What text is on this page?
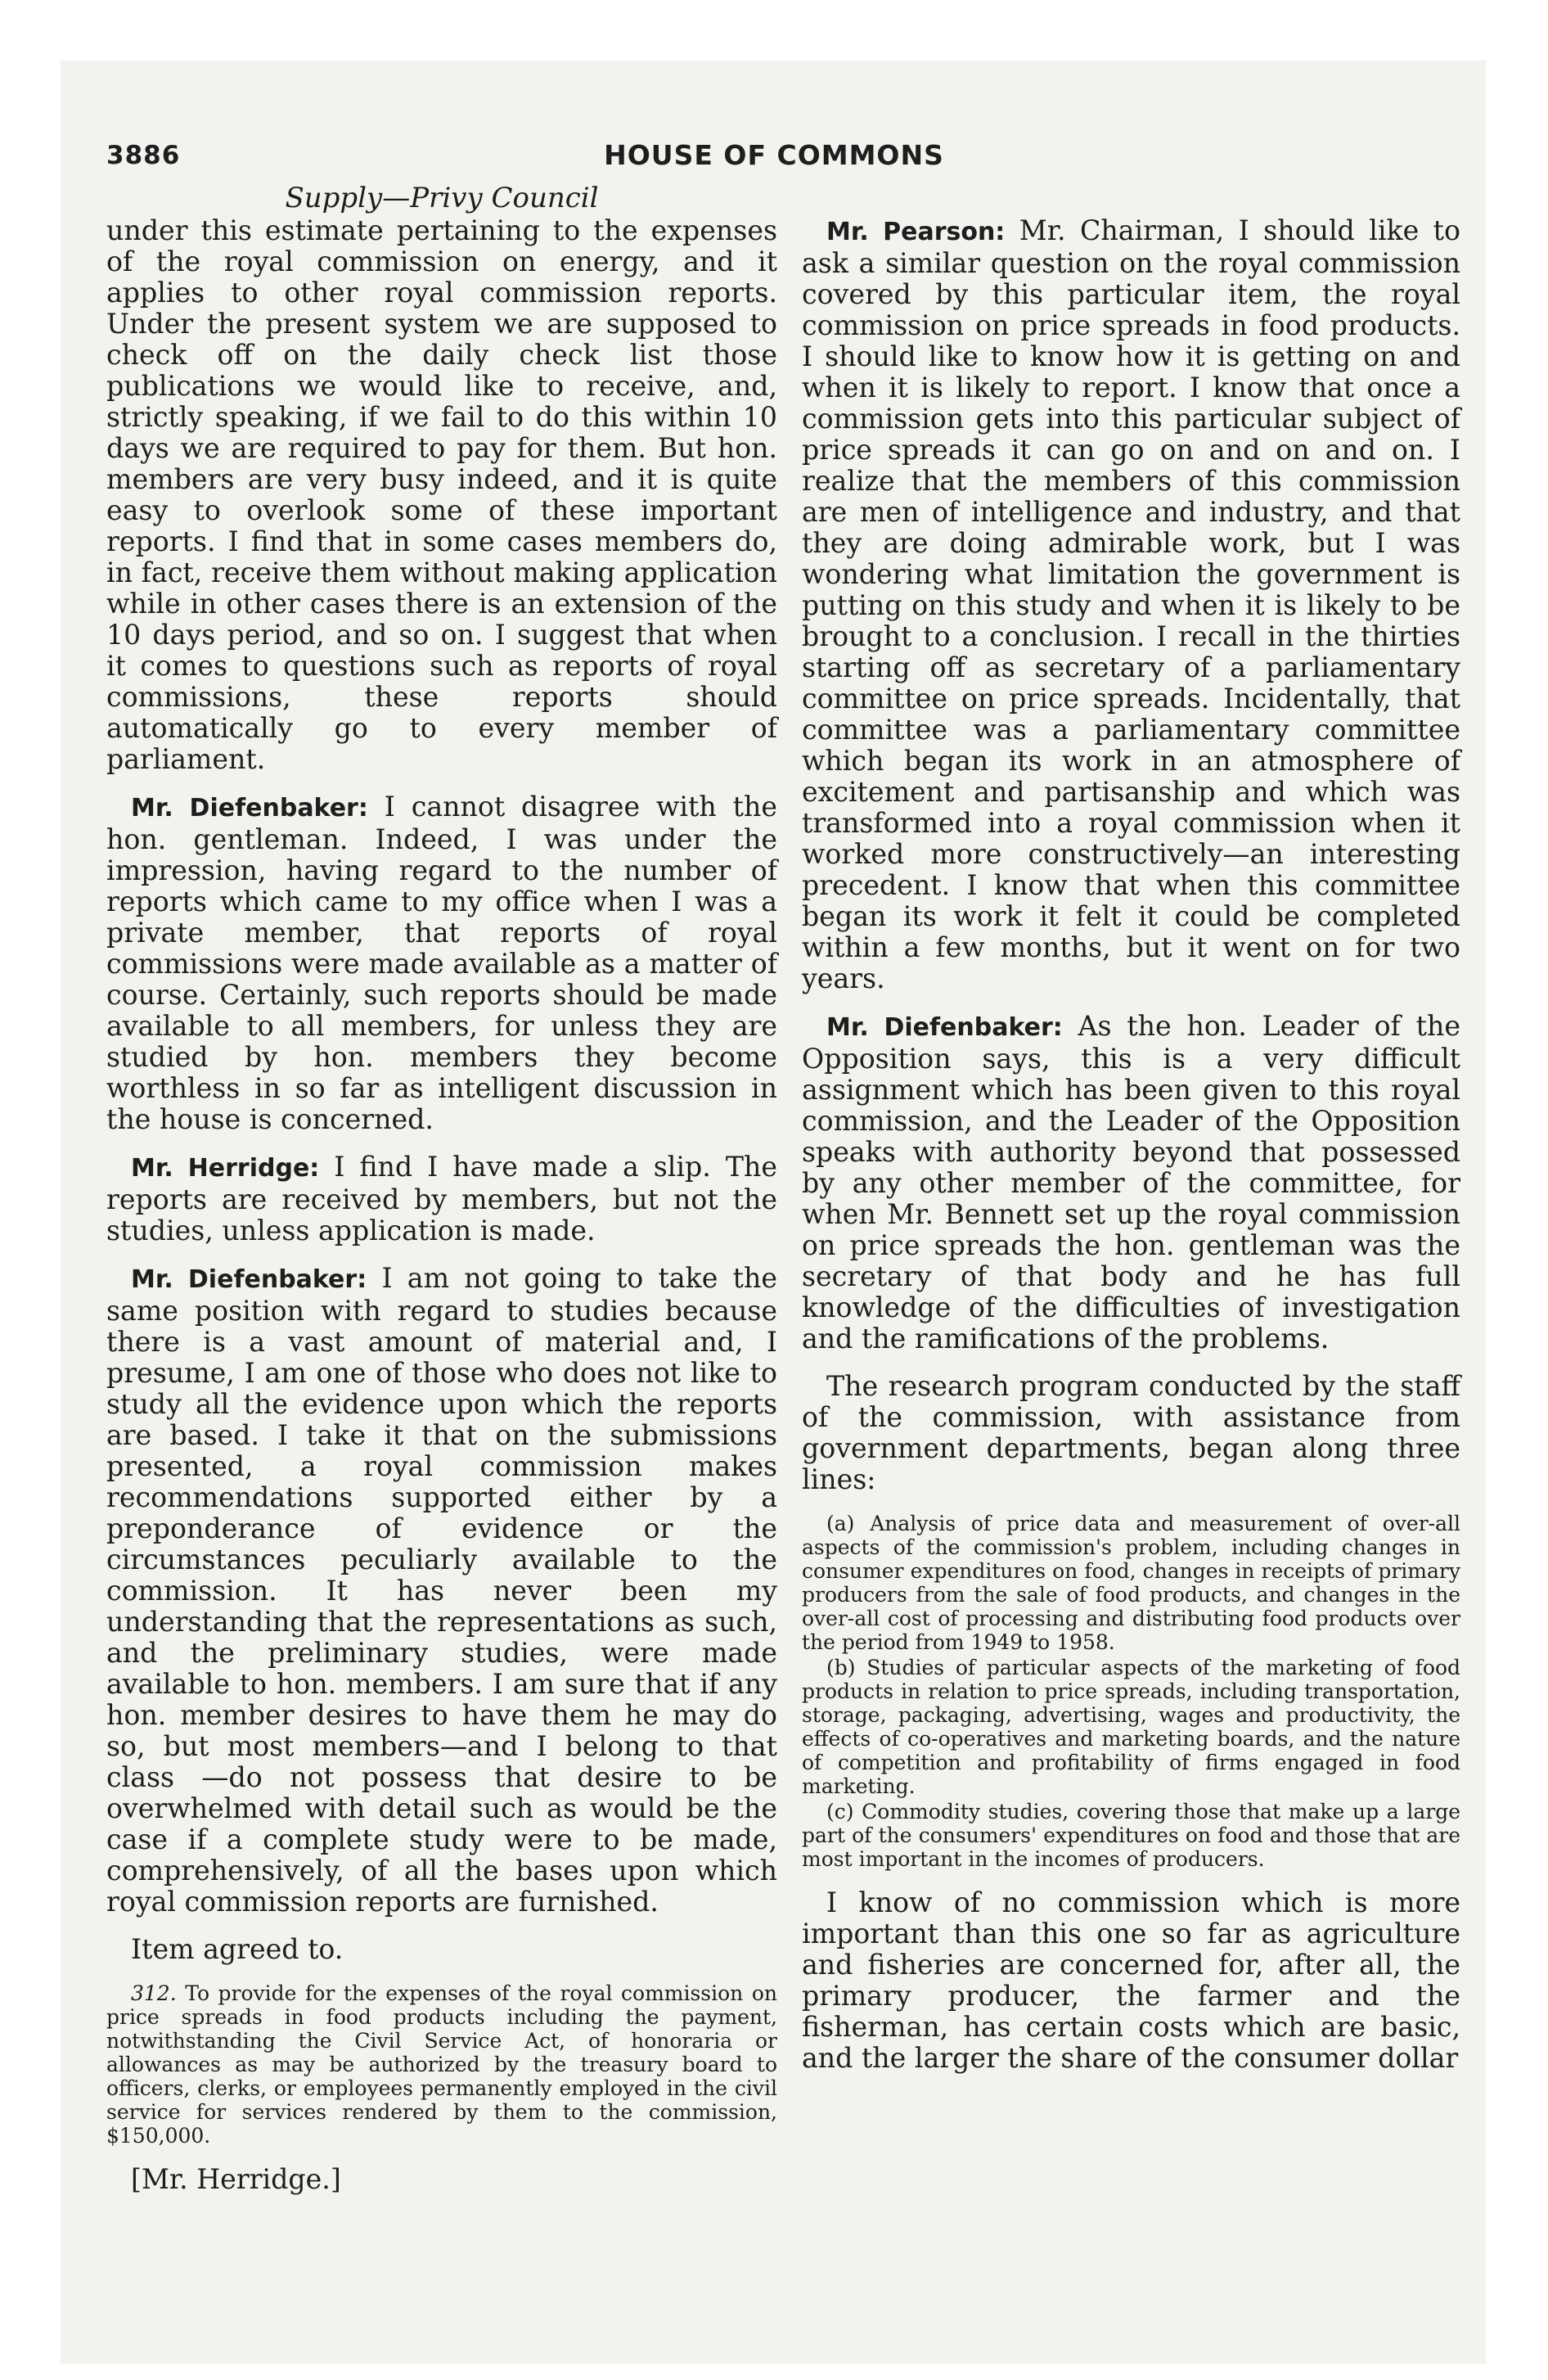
3886	HOUSE OF COMMONS
Supply—Privy Council

under this estimate pertaining to the expenses of the royal commission on energy, and it applies to other royal commission reports. Under the present system we are supposed to check off on the daily check list those publications we would like to receive, and, strictly speaking, if we fail to do this within 10 days we are required to pay for them. But hon. members are very busy indeed, and it is quite easy to overlook some of these important reports. I find that in some cases members do, in fact, receive them without making application while in other cases there is an extension of the 10 days period, and so on. I suggest that when it comes to questions such as reports of royal commissions, these reports should automatically go to every member of parliament.

Mr. Diefenbaker: I cannot disagree with the hon. gentleman. Indeed, I was under the impression, having regard to the number of reports which came to my office when I was a private member, that reports of royal commissions were made available as a matter of course. Certainly, such reports should be made available to all members, for unless they are studied by hon. members they become worthless in so far as intelligent discussion in the house is concerned.

Mr. Herridge: I find I have made a slip. The reports are received by members, but not the studies, unless application is made.

Mr. Diefenbaker: I am not going to take the same position with regard to studies because there is a vast amount of material and, I presume, I am one of those who does not like to study all the evidence upon which the reports are based. I take it that on the submissions presented, a royal commission makes recommendations supported either by a preponderance of evidence or the circumstances peculiarly available to the commission. It has never been my understanding that the representations as such, and the preliminary studies, were made available to hon. members. I am sure that if any hon. member desires to have them he may do so, but most members—and I belong to that class —do not possess that desire to be overwhelmed with detail such as would be the case if a complete study were to be made, comprehensively, of all the bases upon which royal commission reports are furnished.

Item agreed to.

312. To provide for the expenses of the royal commission on price spreads in food products including the payment, notwithstanding the Civil Service Act, of honoraria or allowances as may be authorized by the treasury board to officers, clerks, or employees permanently employed in the civil service for services rendered by them to the commission, $150,000.

[Mr. Herridge.]

Mr. Pearson: Mr. Chairman, I should like to ask a similar question on the royal commission covered by this particular item, the royal commission on price spreads in food products. I should like to know how it is getting on and when it is likely to report. I know that once a commission gets into this particular subject of price spreads it can go on and on and on. I realize that the members of this commission are men of intelligence and industry, and that they are doing admirable work, but I was wondering what limitation the government is putting on this study and when it is likely to be brought to a conclusion. I recall in the thirties starting off as secretary of a parliamentary committee on price spreads. Incidentally, that committee was a parliamentary committee which began its work in an atmosphere of excitement and partisanship and which was transformed into a royal commission when it worked more constructively—an interesting precedent. I know that when this committee began its work it felt it could be completed within a few months, but it went on for two years.

Mr. Diefenbaker: As the hon. Leader of the Opposition says, this is a very difficult assignment which has been given to this royal commission, and the Leader of the Opposition speaks with authority beyond that possessed by any other member of the committee, for when Mr. Bennett set up the royal commission on price spreads the hon. gentleman was the secretary of that body and he has full knowledge of the difficulties of investigation and the ramifications of the problems.

The research program conducted by the staff of the commission, with assistance from government departments, began along three lines:

(a) Analysis of price data and measurement of over-all aspects of the commission's problem, including changes in consumer expenditures on food, changes in receipts of primary producers from the sale of food products, and changes in the over-all cost of processing and distributing food products over the period from 1949 to 1958.

(b) Studies of particular aspects of the marketing of food products in relation to price spreads, including transportation, storage, packaging, advertising, wages and productivity, the effects of co-operatives and marketing boards, and the nature of competition and profitability of firms engaged in food marketing.

(c) Commodity studies, covering those that make up a large part of the consumers' expenditures on food and those that are most important in the incomes of producers.

I know of no commission which is more important than this one so far as agriculture and fisheries are concerned for, after all, the primary producer, the farmer and the fisherman, has certain costs which are basic, and the larger the share of the consumer dollar
